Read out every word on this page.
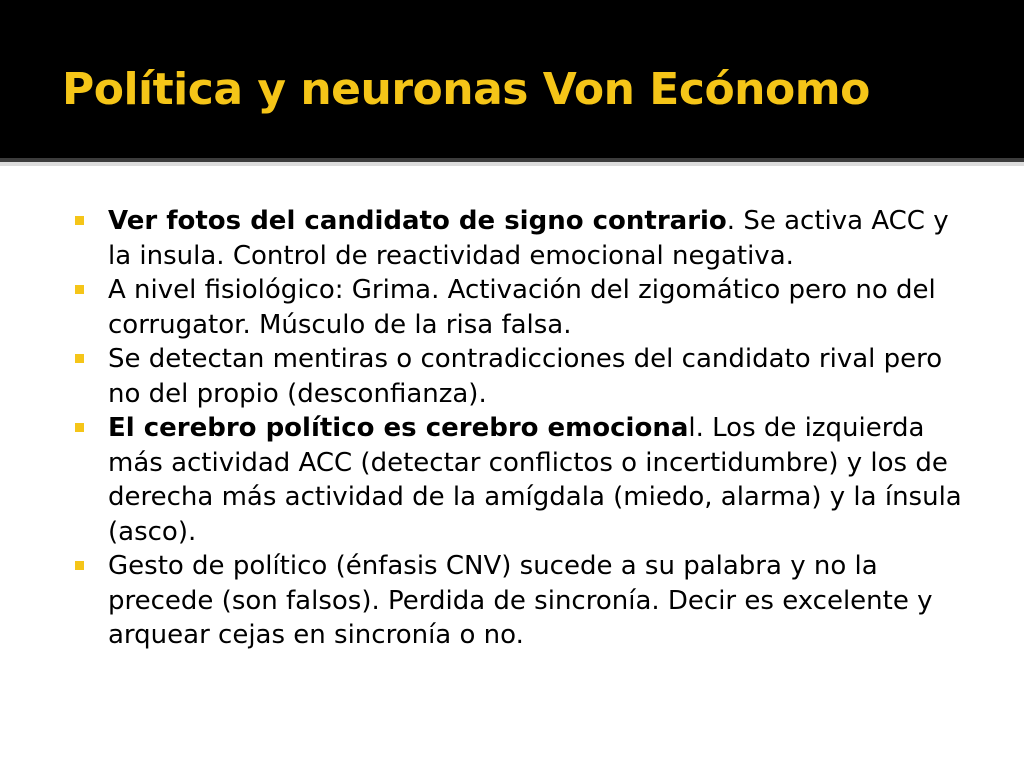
Política y neuronas Von Ecónomo
Ver fotos del candidato de signo contrario. Se activa ACC y la insula. Control de reactividad emocional negativa.
A nivel fisiológico: Grima. Activación del zigomático pero no del corrugator. Músculo de la risa falsa.
Se detectan mentiras o contradicciones del candidato rival pero no del propio (desconfianza).
El cerebro político es cerebro emocional. Los de izquierda más actividad ACC (detectar conflictos o incertidumbre) y los de derecha más actividad de la amígdala (miedo, alarma) y la ínsula (asco).
Gesto de político (énfasis CNV) sucede a su palabra y no la precede (son falsos). Perdida de sincronía. Decir es excelente y arquear cejas en sincronía o no.
